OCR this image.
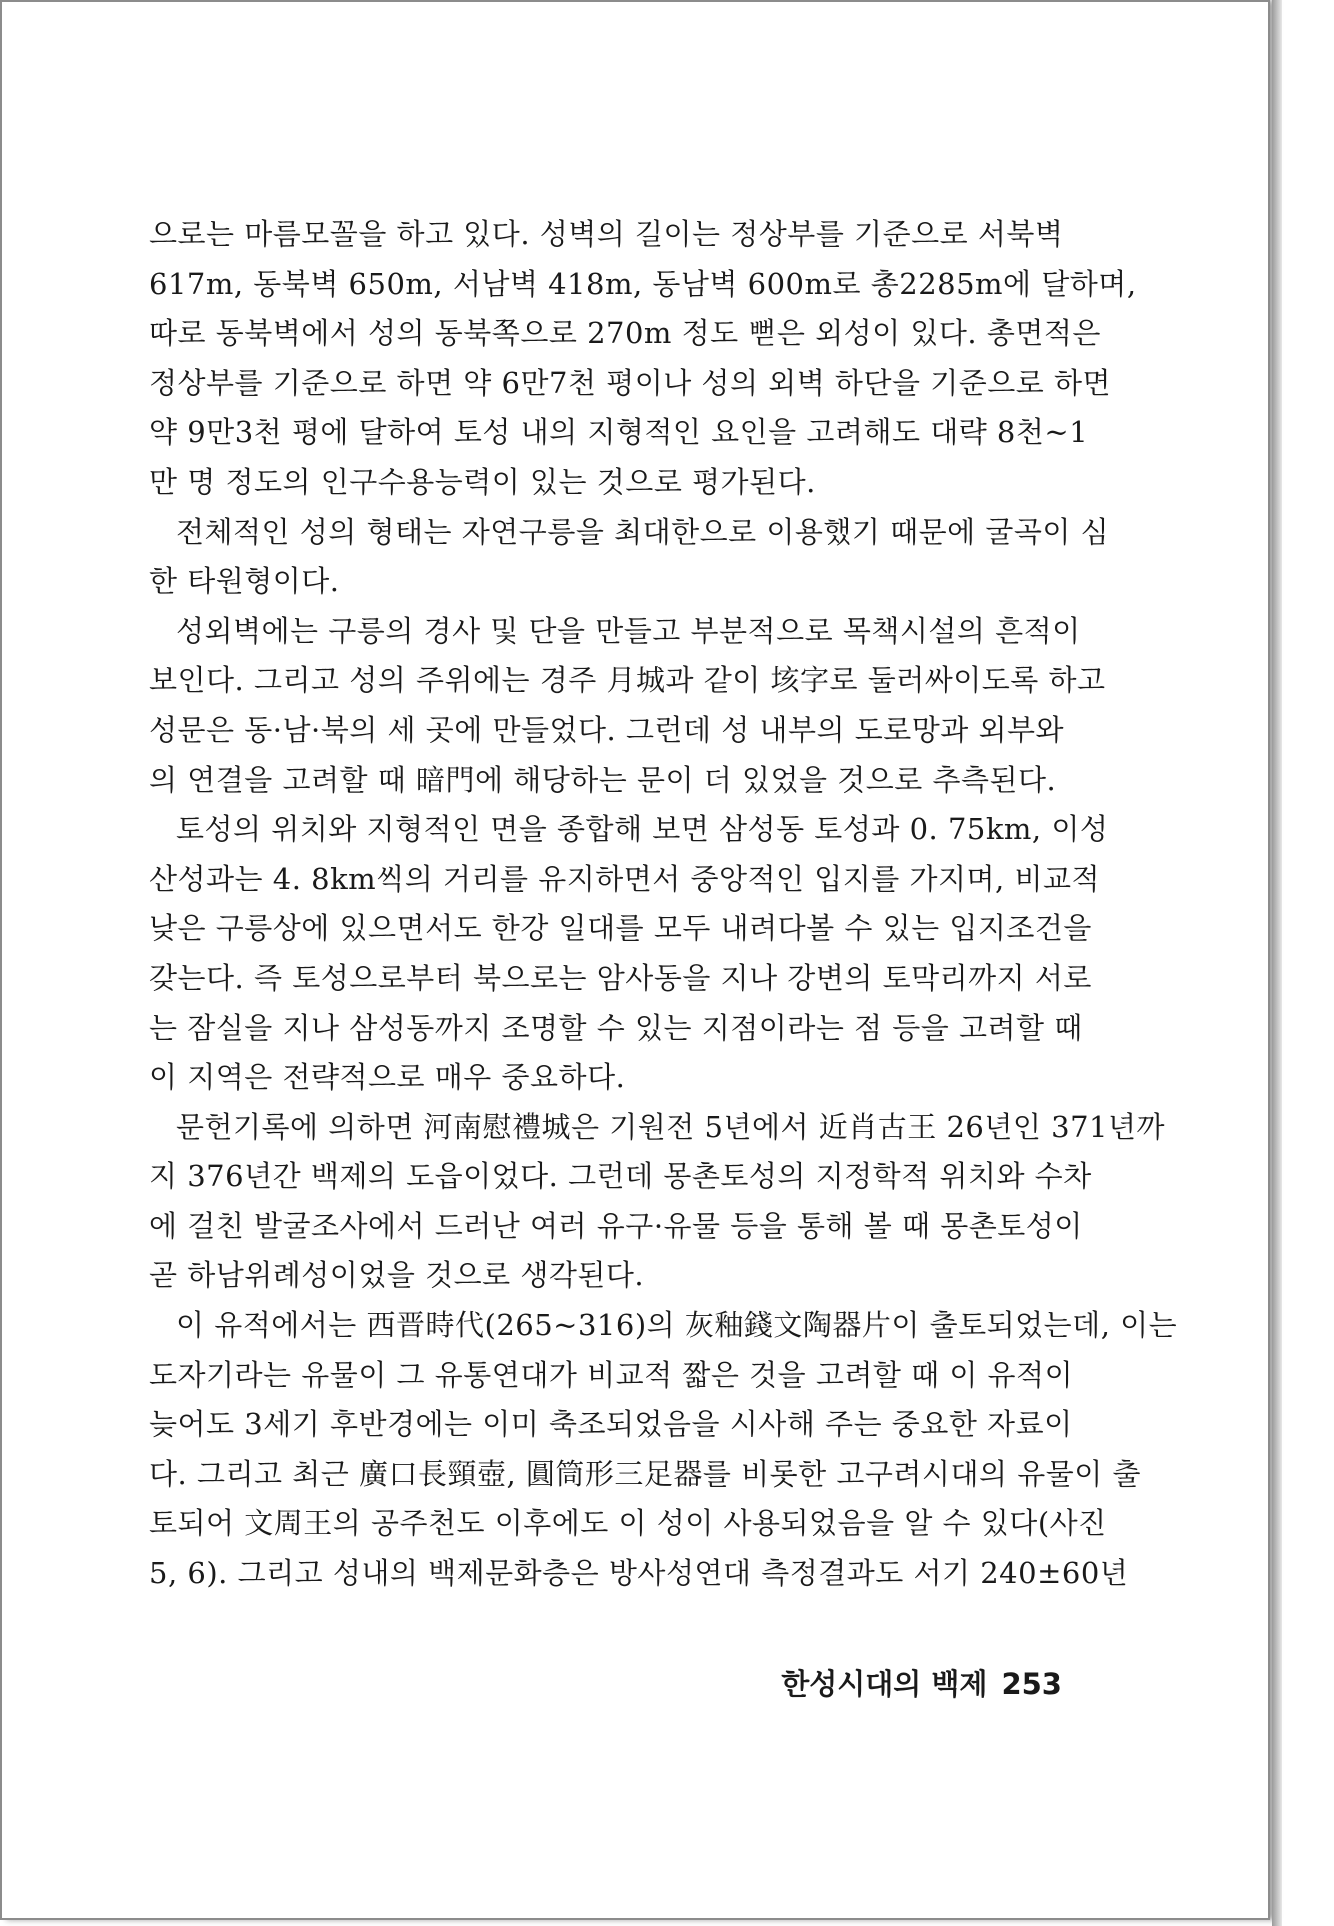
으로는 마름모꼴을 하고 있다. 성벽의 길이는 정상부를 기준으로 서북벽
617m, 동북벽 650m, 서남벽 418m, 동남벽 600m로 총2285m에 달하며,
따로 동북벽에서 성의 동북쪽으로 270m 정도 뻗은 외성이 있다. 총면적은
정상부를 기준으로 하면 약 6만7천 평이나 성의 외벽 하단을 기준으로 하면
약 9만3천 평에 달하여 토성 내의 지형적인 요인을 고려해도 대략 8천~1
만 명 정도의 인구수용능력이 있는 것으로 평가된다.
전체적인 성의 형태는 자연구릉을 최대한으로 이용했기 때문에 굴곡이 심
한 타원형이다.
성외벽에는 구릉의 경사 및 단을 만들고 부분적으로 목책시설의 흔적이
보인다. 그리고 성의 주위에는 경주 月城과 같이 垓字로 둘러싸이도록 하고
성문은 동·남·북의 세 곳에 만들었다. 그런데 성 내부의 도로망과 외부와
의 연결을 고려할 때 暗門에 해당하는 문이 더 있었을 것으로 추측된다.
토성의 위치와 지형적인 면을 종합해 보면 삼성동 토성과 0. 75km, 이성
산성과는 4. 8km씩의 거리를 유지하면서 중앙적인 입지를 가지며, 비교적
낮은 구릉상에 있으면서도 한강 일대를 모두 내려다볼 수 있는 입지조건을
갖는다. 즉 토성으로부터 북으로는 암사동을 지나 강변의 토막리까지 서로
는 잠실을 지나 삼성동까지 조명할 수 있는 지점이라는 점 등을 고려할 때
이 지역은 전략적으로 매우 중요하다.
문헌기록에 의하면 河南慰禮城은 기원전 5년에서 近肖古王 26년인 371년까
지 376년간 백제의 도읍이었다. 그런데 몽촌토성의 지정학적 위치와 수차
에 걸친 발굴조사에서 드러난 여러 유구·유물 등을 통해 볼 때 몽촌토성이
곧 하남위례성이었을 것으로 생각된다.
이 유적에서는 西晋時代(265~316)의 灰釉錢文陶器片이 출토되었는데, 이는
도자기라는 유물이 그 유통연대가 비교적 짧은 것을 고려할 때 이 유적이
늦어도 3세기 후반경에는 이미 축조되었음을 시사해 주는 중요한 자료이
다. 그리고 최근 廣口長頸壺, 圓筒形三足器를 비롯한 고구려시대의 유물이 출
토되어 文周王의 공주천도 이후에도 이 성이 사용되었음을 알 수 있다(사진
5, 6). 그리고 성내의 백제문화층은 방사성연대 측정결과도 서기 240±60년
한성시대의 백제 253
